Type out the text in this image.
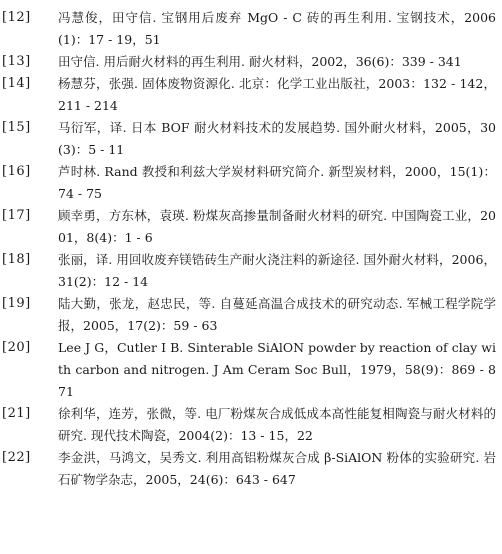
[12]	冯慧俊，田守信. 宝钢用后废弃 MgO - C 砖的再生利用. 宝钢技术，2006(1)：17 - 19，51
[13]	田守信. 用后耐火材料的再生利用. 耐火材料，2002，36(6)：339 - 341
[14]	杨慧芬，张强. 固体废物资源化. 北京：化学工业出版社，2003：132 - 142，211 - 214
[15]	马衍军，译. 日本 BOF 耐火材料技术的发展趋势. 国外耐火材料，2005，30(3)：5 - 11
[16]	芦时林. Rand 教授和利兹大学炭材料研究简介. 新型炭材料，2000，15(1)：74 - 75
[17]	顾幸勇，方东林，袁瑛. 粉煤灰高掺量制备耐火材料的研究. 中国陶瓷工业，2001，8(4)：1 - 6
[18]	张丽，译. 用回收废弃镁锆砖生产耐火浇注料的新途径. 国外耐火材料，2006，31(2)：12 - 14
[19]	陆大勤，张龙，赵忠民，等. 自蔓延高温合成技术的研究动态. 军械工程学院学报，2005，17(2)：59 - 63
[20]	Lee J G，Cutler I B. Sinterable SiAlON powder by reaction of clay with carbon and nitrogen. J Am Ceram Soc Bull，1979，58(9)：869 - 871
[21]	徐利华，连芳，张微，等. 电厂粉煤灰合成低成本高性能复相陶瓷与耐火材料的研究. 现代技术陶瓷，2004(2)：13 - 15，22
[22]	李金洪，马鸿文，吴秀文. 利用高铝粉煤灰合成 β-SiAlON 粉体的实验研究. 岩石矿物学杂志，2005，24(6)：643 - 647
